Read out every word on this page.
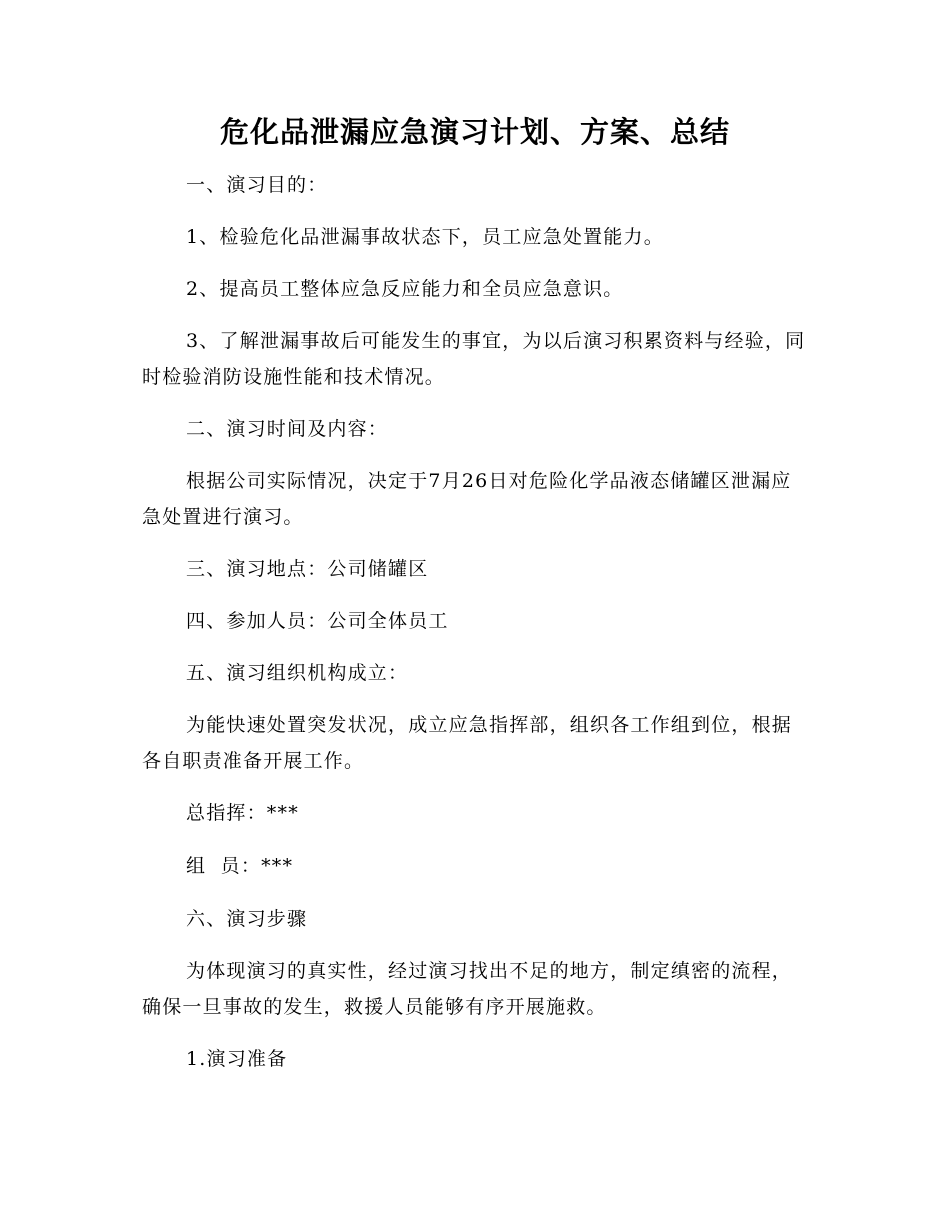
危化品泄漏应急演习计划、方案、总结

一、演习目的：

1、检验危化品泄漏事故状态下，员工应急处置能力。

2、提高员工整体应急反应能力和全员应急意识。

3、了解泄漏事故后可能发生的事宜，为以后演习积累资料与经验，同时检验消防设施性能和技术情况。

二、演习时间及内容：

根据公司实际情况，决定于7月26日对危险化学品液态储罐区泄漏应急处置进行演习。

三、演习地点：公司储罐区

四、参加人员：公司全体员工

五、演习组织机构成立：

为能快速处置突发状况，成立应急指挥部，组织各工作组到位，根据各自职责准备开展工作。

总指挥：***

组  员：***

六、演习步骤

为体现演习的真实性，经过演习找出不足的地方，制定缜密的流程，确保一旦事故的发生，救援人员能够有序开展施救。

1.演习准备
